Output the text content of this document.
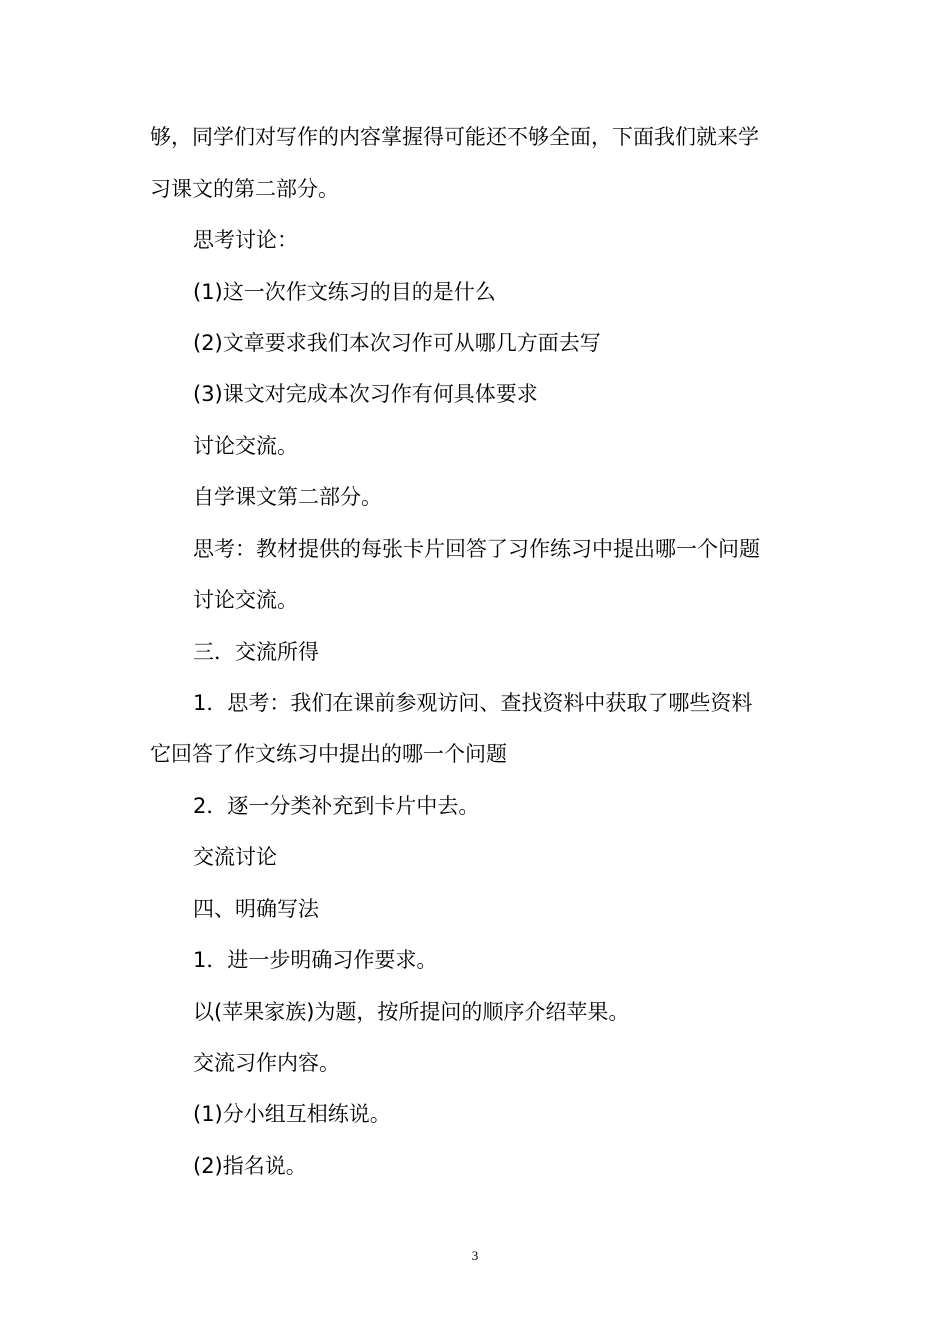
够，同学们对写作的内容掌握得可能还不够全面，下面我们就来学
习课文的第二部分。
思考讨论：
(1)这一次作文练习的目的是什么
(2)文章要求我们本次习作可从哪几方面去写
(3)课文对完成本次习作有何具体要求
讨论交流。
自学课文第二部分。
思考：教材提供的每张卡片回答了习作练习中提出哪一个问题
讨论交流。
三．交流所得
1．思考：我们在课前参观访问、查找资料中获取了哪些资料
它回答了作文练习中提出的哪一个问题
2．逐一分类补充到卡片中去。
交流讨论
四、明确写法
1．进一步明确习作要求。
以(苹果家族)为题，按所提问的顺序介绍苹果。
交流习作内容。
(1)分小组互相练说。
(2)指名说。
3
